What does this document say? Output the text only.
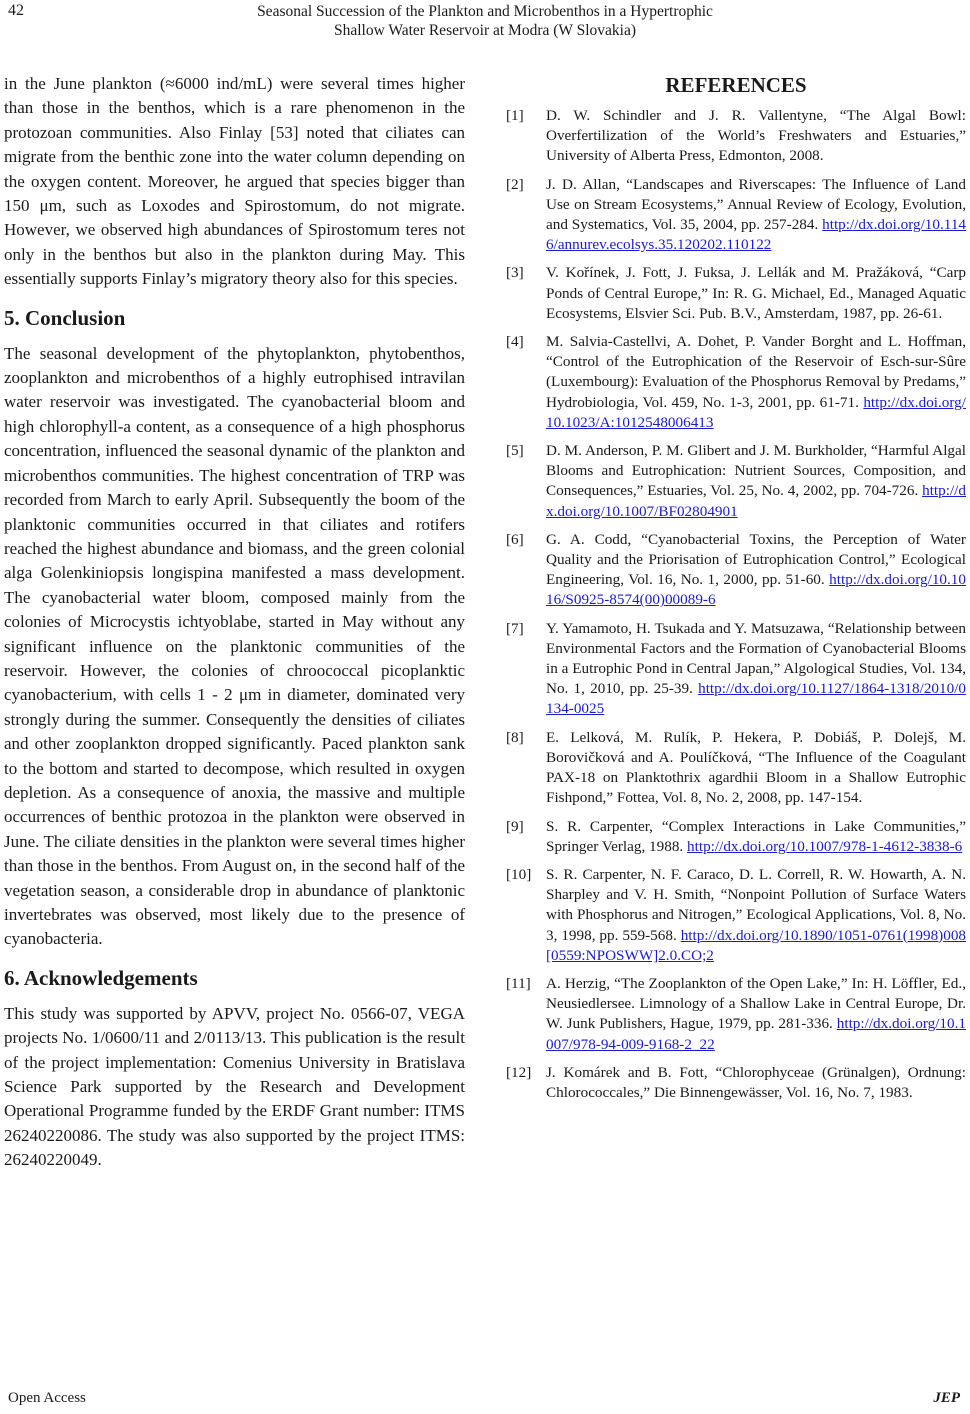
42	Seasonal Succession of the Plankton and Microbenthos in a Hypertrophic
Shallow Water Reservoir at Modra (W Slovakia)

in the June plankton (≈6000 ind/mL) were several times higher than those in the benthos, which is a rare phenomenon in the protozoan communities. Also Finlay [53] noted that ciliates can migrate from the benthic zone into the water column depending on the oxygen content. Moreover, he argued that species bigger than 150 μm, such as Loxodes and Spirostomum, do not migrate. However, we observed high abundances of Spirostomum teres not only in the benthos but also in the plankton during May. This essentially supports Finlay’s migratory theory also for this species.

5. Conclusion

The seasonal development of the phytoplankton, phytobenthos, zooplankton and microbenthos of a highly eutrophised intravilan water reservoir was investigated. The cyanobacterial bloom and high chlorophyll-a content, as a consequence of a high phosphorus concentration, influenced the seasonal dynamic of the plankton and microbenthos communities. The highest concentration of TRP was recorded from March to early April. Subsequently the boom of the planktonic communities occurred in that ciliates and rotifers reached the highest abundance and biomass, and the green colonial alga Golenkiniopsis longispina manifested a mass development. The cyanobacterial water bloom, composed mainly from the colonies of Microcystis ichtyoblabe, started in May without any significant influence on the planktonic communities of the reservoir. However, the colonies of chroococcal picoplanktic cyanobacterium, with cells 1 - 2 μm in diameter, dominated very strongly during the summer. Consequently the densities of ciliates and other zooplankton dropped significantly. Paced plankton sank to the bottom and started to decompose, which resulted in oxygen depletion. As a consequence of anoxia, the massive and multiple occurrences of benthic protozoa in the plankton were observed in June. The ciliate densities in the plankton were several times higher than those in the benthos. From August on, in the second half of the vegetation season, a considerable drop in abundance of planktonic invertebrates was observed, most likely due to the presence of cyanobacteria.

6. Acknowledgements

This study was supported by APVV, project No. 0566-07, VEGA projects No. 1/0600/11 and 2/0113/13. This publication is the result of the project implementation: Comenius University in Bratislava Science Park supported by the Research and Development Operational Programme funded by the ERDF Grant number: ITMS 26240220086. The study was also supported by the project ITMS: 26240220049.

REFERENCES
[1] D. W. Schindler and J. R. Vallentyne, “The Algal Bowl: Overfertilization of the World’s Freshwaters and Estuaries,” University of Alberta Press, Edmonton, 2008.
[2] J. D. Allan, “Landscapes and Riverscapes: The Influence of Land Use on Stream Ecosystems,” Annual Review of Ecology, Evolution, and Systematics, Vol. 35, 2004, pp. 257-284. http://dx.doi.org/10.1146/annurev.ecolsys.35.120202.110122
[3] V. Kořínek, J. Fott, J. Fuksa, J. Lellák and M. Pražáková, “Carp Ponds of Central Europe,” In: R. G. Michael, Ed., Managed Aquatic Ecosystems, Elsvier Sci. Pub. B.V., Amsterdam, 1987, pp. 26-61.
[4] M. Salvia-Castellvi, A. Dohet, P. Vander Borght and L. Hoffman, “Control of the Eutrophication of the Reservoir of Esch-sur-Sûre (Luxembourg): Evaluation of the Phosphorus Removal by Predams,” Hydrobiologia, Vol. 459, No. 1-3, 2001, pp. 61-71. http://dx.doi.org/10.1023/A:1012548006413
[5] D. M. Anderson, P. M. Glibert and J. M. Burkholder, “Harmful Algal Blooms and Eutrophication: Nutrient Sources, Composition, and Consequences,” Estuaries, Vol. 25, No. 4, 2002, pp. 704-726. http://dx.doi.org/10.1007/BF02804901
[6] G. A. Codd, “Cyanobacterial Toxins, the Perception of Water Quality and the Priorisation of Eutrophication Control,” Ecological Engineering, Vol. 16, No. 1, 2000, pp. 51-60. http://dx.doi.org/10.1016/S0925-8574(00)00089-6
[7] Y. Yamamoto, H. Tsukada and Y. Matsuzawa, “Relationship between Environmental Factors and the Formation of Cyanobacterial Blooms in a Eutrophic Pond in Central Japan,” Algological Studies, Vol. 134, No. 1, 2010, pp. 25-39. http://dx.doi.org/10.1127/1864-1318/2010/0134-0025
[8] E. Lelková, M. Rulík, P. Hekera, P. Dobiáš, P. Dolejš, M. Borovičková and A. Poulíčková, “The Influence of the Coagulant PAX-18 on Planktothrix agardhii Bloom in a Shallow Eutrophic Fishpond,” Fottea, Vol. 8, No. 2, 2008, pp. 147-154.
[9] S. R. Carpenter, “Complex Interactions in Lake Communities,” Springer Verlag, 1988. http://dx.doi.org/10.1007/978-1-4612-3838-6
[10] S. R. Carpenter, N. F. Caraco, D. L. Correll, R. W. Howarth, A. N. Sharpley and V. H. Smith, “Nonpoint Pollution of Surface Waters with Phosphorus and Nitrogen,” Ecological Applications, Vol. 8, No. 3, 1998, pp. 559-568. http://dx.doi.org/10.1890/1051-0761(1998)008[0559:NPOSWW]2.0.CO;2
[11] A. Herzig, “The Zooplankton of the Open Lake,” In: H. Löffler, Ed., Neusiedlersee. Limnology of a Shallow Lake in Central Europe, Dr. W. Junk Publishers, Hague, 1979, pp. 281-336. http://dx.doi.org/10.1007/978-94-009-9168-2_22
[12] J. Komárek and B. Fott, “Chlorophyceae (Grünalgen), Ordnung: Chlorococcales,” Die Binnengewässer, Vol. 16, No. 7, 1983.
Open Access	JEP
